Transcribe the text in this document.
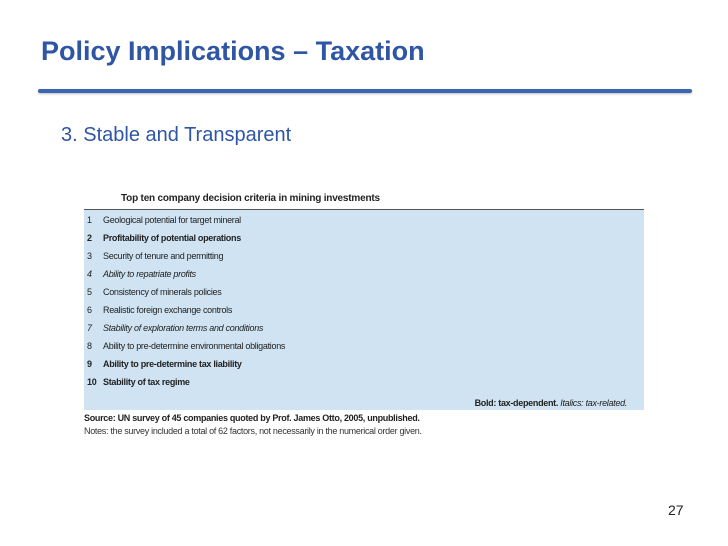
Policy Implications – Taxation
3. Stable and Transparent
Top ten company decision criteria in mining investments
1	Geological potential for target mineral
2	Profitability of potential operations
3	Security of tenure and permitting
4	Ability to repatriate profits
5	Consistency of minerals policies
6	Realistic foreign exchange controls
7	Stability of exploration terms and conditions
8	Ability to pre-determine environmental obligations
9	Ability to pre-determine tax liability
10 Stability of tax regime
Bold: tax-dependent. Italics: tax-related.
Source: UN survey of 45 companies quoted by Prof. James Otto, 2005, unpublished.
Notes: the survey included a total of 62 factors, not necessarily in the numerical order given.
27
